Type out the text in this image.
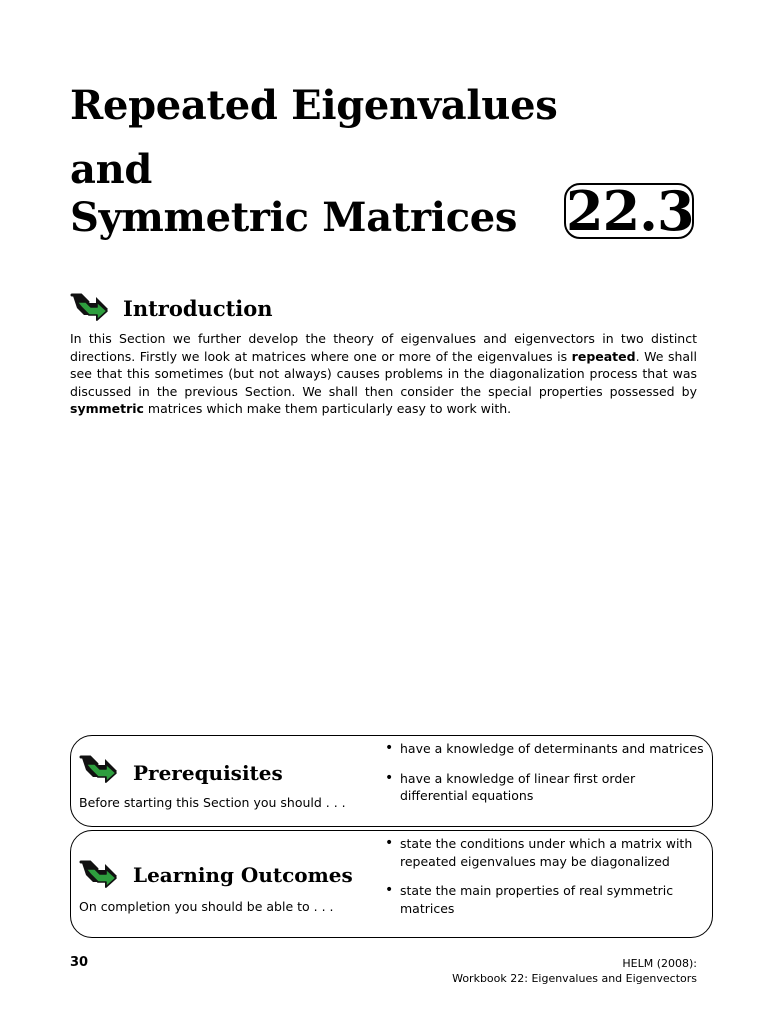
Repeated Eigenvalues
and
Symmetric Matrices 22.3
Introduction

In this Section we further develop the theory of eigenvalues and eigenvectors in two distinct directions. Firstly we look at matrices where one or more of the eigenvalues is repeated. We shall see that this sometimes (but not always) causes problems in the diagonalization process that was discussed in the previous Section. We shall then consider the special properties possessed by symmetric matrices which make them particularly easy to work with.

Prerequisites
Before starting this Section you should . . .
• have a knowledge of determinants and matrices
• have a knowledge of linear first order differential equations
Learning Outcomes
On completion you should be able to . . .
• state the conditions under which a matrix with repeated eigenvalues may be diagonalized
• state the main properties of real symmetric matrices
30	HELM (2008):
Workbook 22: Eigenvalues and Eigenvectors
